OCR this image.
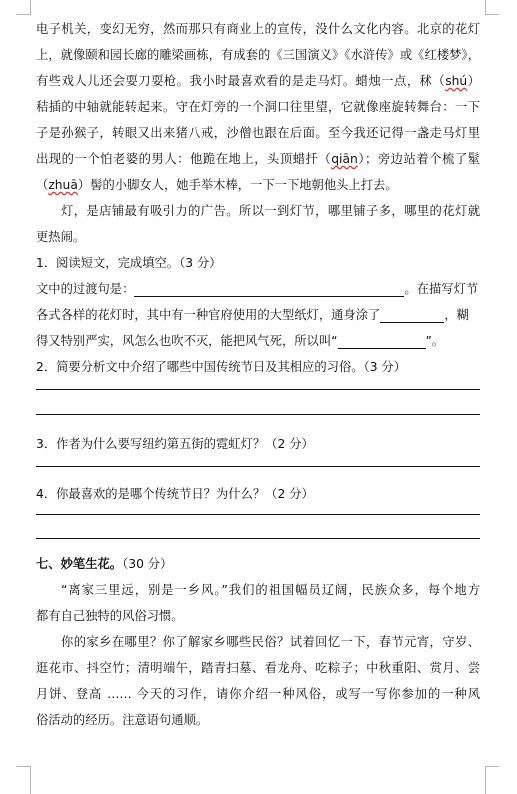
电子机关，变幻无穷，然而那只有商业上的宣传，没什么文化内容。北京的花灯
上，就像颐和园长廊的雕梁画栋，有成套的《三国演义》《水浒传》或《红楼梦》，
有些戏人儿还会耍刀耍枪。我小时最喜欢看的是走马灯。蜡烛一点，秫（shú）
秸插的中轴就能转起来。守在灯旁的一个洞口往里望，它就像座旋转舞台：一下
子是孙猴子，转眼又出来猪八戒，沙僧也跟在后面。至今我还记得一盏走马灯里
出现的一个怕老婆的男人：他跪在地上，头顶蜡扦（qiān）；旁边站着个梳了髽
（zhuā）髻的小脚女人，她手举木棒，一下一下地朝他头上打去。
灯，是店铺最有吸引力的广告。所以一到灯节，哪里铺子多，哪里的花灯就
更热闹。
1．阅读短文，完成填空。（3 分）
文中的过渡句是：	。在描写灯节
各式各样的花灯时，其中有一种官府使用的大型纸灯，通身涂了	，糊
得又特别严实，风怎么也吹不灭，能把风气死，所以叫“	”。
2．简要分析文中介绍了哪些中国传统节日及其相应的习俗。（3 分）
3．作者为什么要写纽约第五街的霓虹灯？（2 分）
4．你最喜欢的是哪个传统节日？为什么？（2 分）
七、妙笔生花。（30 分）
“离家三里远，别是一乡风。”我们的祖国幅员辽阔，民族众多，每个地方
都有自己独特的风俗习惯。
你的家乡在哪里？你了解家乡哪些民俗？试着回忆一下，春节元宵，守岁、
逛花市、抖空竹；清明端午，踏青扫墓、看龙舟、吃粽子；中秋重阳、赏月、尝
月饼、登高 …… 今天的习作，请你介绍一种风俗，或写一写你参加的一种风
俗活动的经历。注意语句通顺。
